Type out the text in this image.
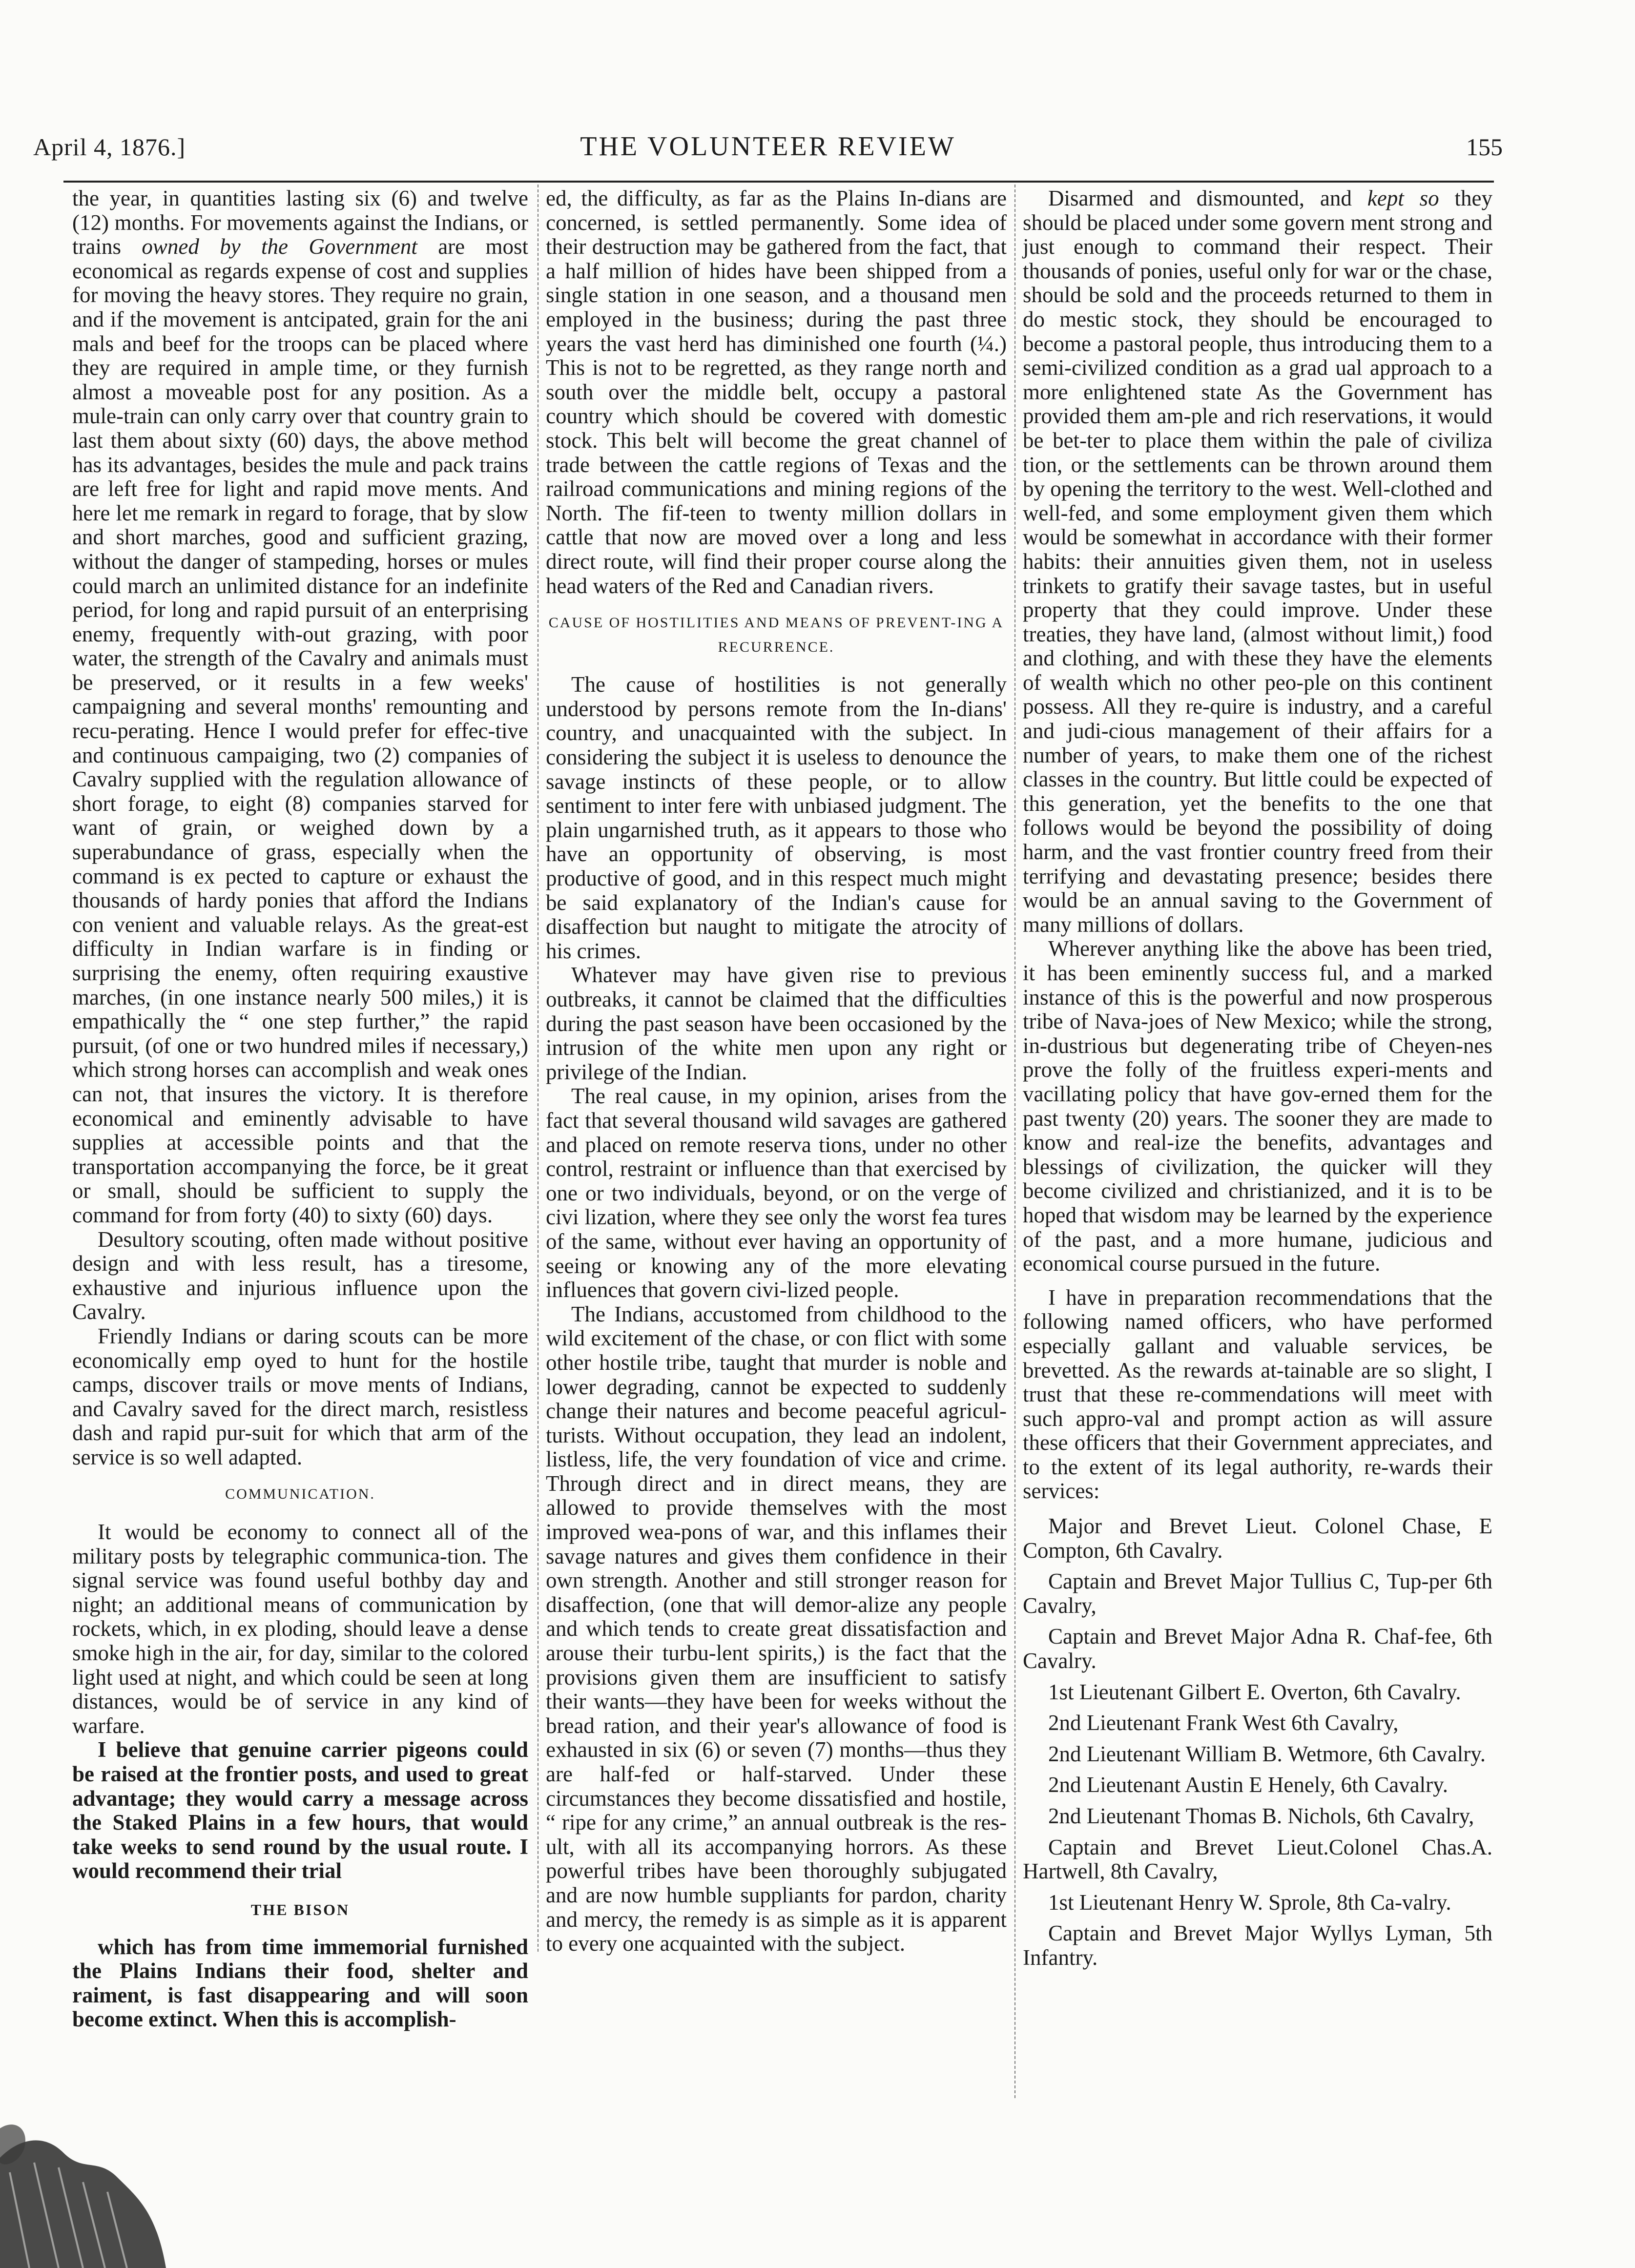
April 4, 1876.]	THE VOLUNTEER REVIEW	155

the year, in quantities lasting six (6) and twelve (12) months. For movements against the Indians, or trains owned by the Government are most economical as regards expense of cost and supplies for moving the heavy stores. They require no grain, and if the movement is antcipated, grain for the ani mals and beef for the troops can be placed where they are required in ample time, or they furnish almost a moveable post for any position. As a mule-train can only carry over that country grain to last them about sixty (60) days, the above method has its advantages, besides the mule and pack trains are left free for light and rapid move ments. And here let me remark in regard to forage, that by slow and short marches, good and sufficient grazing, without the danger of stampeding, horses or mules could march an unlimited distance for an indefinite period, for long and rapid pursuit of an enterprising enemy, frequently with-out grazing, with poor water, the strength of the Cavalry and animals must be preserved, or it results in a few weeks' campaigning and several months' remounting and recu-perating. Hence I would prefer for effec-tive and continuous campaiging, two (2) companies of Cavalry supplied with the regulation allowance of short forage, to eight (8) companies starved for want of grain, or weighed down by a superabundance of grass, especially when the command is ex pected to capture or exhaust the thousands of hardy ponies that afford the Indians con venient and valuable relays. As the great-est difficulty in Indian warfare is in finding or surprising the enemy, often requiring exaustive marches, (in one instance nearly 500 miles,) it is empathically the “ one step further,” the rapid pursuit, (of one or two hundred miles if necessary,) which strong horses can accomplish and weak ones can not, that insures the victory. It is therefore economical and eminently advisable to have supplies at accessible points and that the transportation accompanying the force, be it great or small, should be sufficient to supply the command for from forty (40) to sixty (60) days.

Desultory scouting, often made without positive design and with less result, has a tiresome, exhaustive and injurious influence upon the Cavalry.

Friendly Indians or daring scouts can be more economically emp oyed to hunt for the hostile camps, discover trails or move ments of Indians, and Cavalry saved for the direct march, resistless dash and rapid pur-suit for which that arm of the service is so well adapted.

COMMUNICATION.

It would be economy to connect all of the military posts by telegraphic communica-tion. The signal service was found useful bothby day and night; an additional means of communication by rockets, which, in ex ploding, should leave a dense smoke high in the air, for day, similar to the colored light used at night, and which could be seen at long distances, would be of service in any kind of warfare.

I believe that genuine carrier pigeons could be raised at the frontier posts, and used to great advantage; they would carry a message across the Staked Plains in a few hours, that would take weeks to send round by the usual route. I would recommend their trial

THE BISON

which has from time immemorial furnished the Plains Indians their food, shelter and raiment, is fast disappearing and will soon become extinct. When this is accomplish-

ed, the difficulty, as far as the Plains In-dians are concerned, is settled permanently. Some idea of their destruction may be gathered from the fact, that a half million of hides have been shipped from a single station in one season, and a thousand men employed in the business; during the past three years the vast herd has diminished one fourth (¼.) This is not to be regretted, as they range north and south over the middle belt, occupy a pastoral country which should be covered with domestic stock. This belt will become the great channel of trade between the cattle regions of Texas and the railroad communications and mining regions of the North. The fif-teen to twenty million dollars in cattle that now are moved over a long and less direct route, will find their proper course along the head waters of the Red and Canadian rivers.

CAUSE OF HOSTILITIES AND MEANS OF PREVENT-ING A RECURRENCE.

The cause of hostilities is not generally understood by persons remote from the In-dians' country, and unacquainted with the subject. In considering the subject it is useless to denounce the savage instincts of these people, or to allow sentiment to inter fere with unbiased judgment. The plain ungarnished truth, as it appears to those who have an opportunity of observing, is most productive of good, and in this respect much might be said explanatory of the Indian's cause for disaffection but naught to mitigate the atrocity of his crimes.

Whatever may have given rise to previous outbreaks, it cannot be claimed that the difficulties during the past season have been occasioned by the intrusion of the white men upon any right or privilege of the Indian.

The real cause, in my opinion, arises from the fact that several thousand wild savages are gathered and placed on remote reserva tions, under no other control, restraint or influence than that exercised by one or two individuals, beyond, or on the verge of civi lization, where they see only the worst fea tures of the same, without ever having an opportunity of seeing or knowing any of the more elevating influences that govern civi-lized people.

The Indians, accustomed from childhood to the wild excitement of the chase, or con flict with some other hostile tribe, taught that murder is noble and lower degrading, cannot be expected to suddenly change their natures and become peaceful agricul-turists. Without occupation, they lead an indolent, listless, life, the very foundation of vice and crime. Through direct and in direct means, they are allowed to provide themselves with the most improved wea-pons of war, and this inflames their savage natures and gives them confidence in their own strength. Another and still stronger reason for disaffection, (one that will demor-alize any people and which tends to create great dissatisfaction and arouse their turbu-lent spirits,) is the fact that the provisions given them are insufficient to satisfy their wants—they have been for weeks without the bread ration, and their year's allowance of food is exhausted in six (6) or seven (7) months—thus they are half-fed or half-starved. Under these circumstances they become dissatisfied and hostile, “ ripe for any crime,” an annual outbreak is the res-ult, with all its accompanying horrors. As these powerful tribes have been thoroughly subjugated and are now humble suppliants for pardon, charity and mercy, the remedy is as simple as it is apparent to every one acquainted with the subject.

Disarmed and dismounted, and kept so they should be placed under some govern ment strong and just enough to command their respect. Their thousands of ponies, useful only for war or the chase, should be sold and the proceeds returned to them in do mestic stock, they should be encouraged to become a pastoral people, thus introducing them to a semi-civilized condition as a grad ual approach to a more enlightened state As the Government has provided them am-ple and rich reservations, it would be bet-ter to place them within the pale of civiliza tion, or the settlements can be thrown around them by opening the territory to the west. Well-clothed and well-fed, and some employment given them which would be somewhat in accordance with their former habits: their annuities given them, not in useless trinkets to gratify their savage tastes, but in useful property that they could improve. Under these treaties, they have land, (almost without limit,) food and clothing, and with these they have the elements of wealth which no other peo-ple on this continent possess. All they re-quire is industry, and a careful and judi-cious management of their affairs for a number of years, to make them one of the richest classes in the country. But little could be expected of this generation, yet the benefits to the one that follows would be beyond the possibility of doing harm, and the vast frontier country freed from their terrifying and devastating presence; besides there would be an annual saving to the Government of many millions of dollars.

Wherever anything like the above has been tried, it has been eminently success ful, and a marked instance of this is the powerful and now prosperous tribe of Nava-joes of New Mexico; while the strong, in-dustrious but degenerating tribe of Cheyen-nes prove the folly of the fruitless experi-ments and vacillating policy that have gov-erned them for the past twenty (20) years. The sooner they are made to know and real-ize the benefits, advantages and blessings of civilization, the quicker will they become civilized and christianized, and it is to be hoped that wisdom may be learned by the experience of the past, and a more humane, judicious and economical course pursued in the future.

I have in preparation recommendations that the following named officers, who have performed especially gallant and valuable services, be brevetted. As the rewards at-tainable are so slight, I trust that these re-commendations will meet with such appro-val and prompt action as will assure these officers that their Government appreciates, and to the extent of its legal authority, re-wards their services:

Major and Brevet Lieut. Colonel Chase, E Compton, 6th Cavalry.

Captain and Brevet Major Tullius C, Tup-per 6th Cavalry,

Captain and Brevet Major Adna R. Chaf-fee, 6th Cavalry.

1st Lieutenant Gilbert E. Overton, 6th Cavalry.

2nd Lieutenant Frank West 6th Cavalry,

2nd Lieutenant William B. Wetmore, 6th Cavalry.

2nd Lieutenant Austin E Henely, 6th Cavalry.

2nd Lieutenant Thomas B. Nichols, 6th Cavalry,

Captain and Brevet Lieut.Colonel Chas.A. Hartwell, 8th Cavalry,

1st Lieutenant Henry W. Sprole, 8th Ca-valry.

Captain and Brevet Major Wyllys Lyman, 5th Infantry.
